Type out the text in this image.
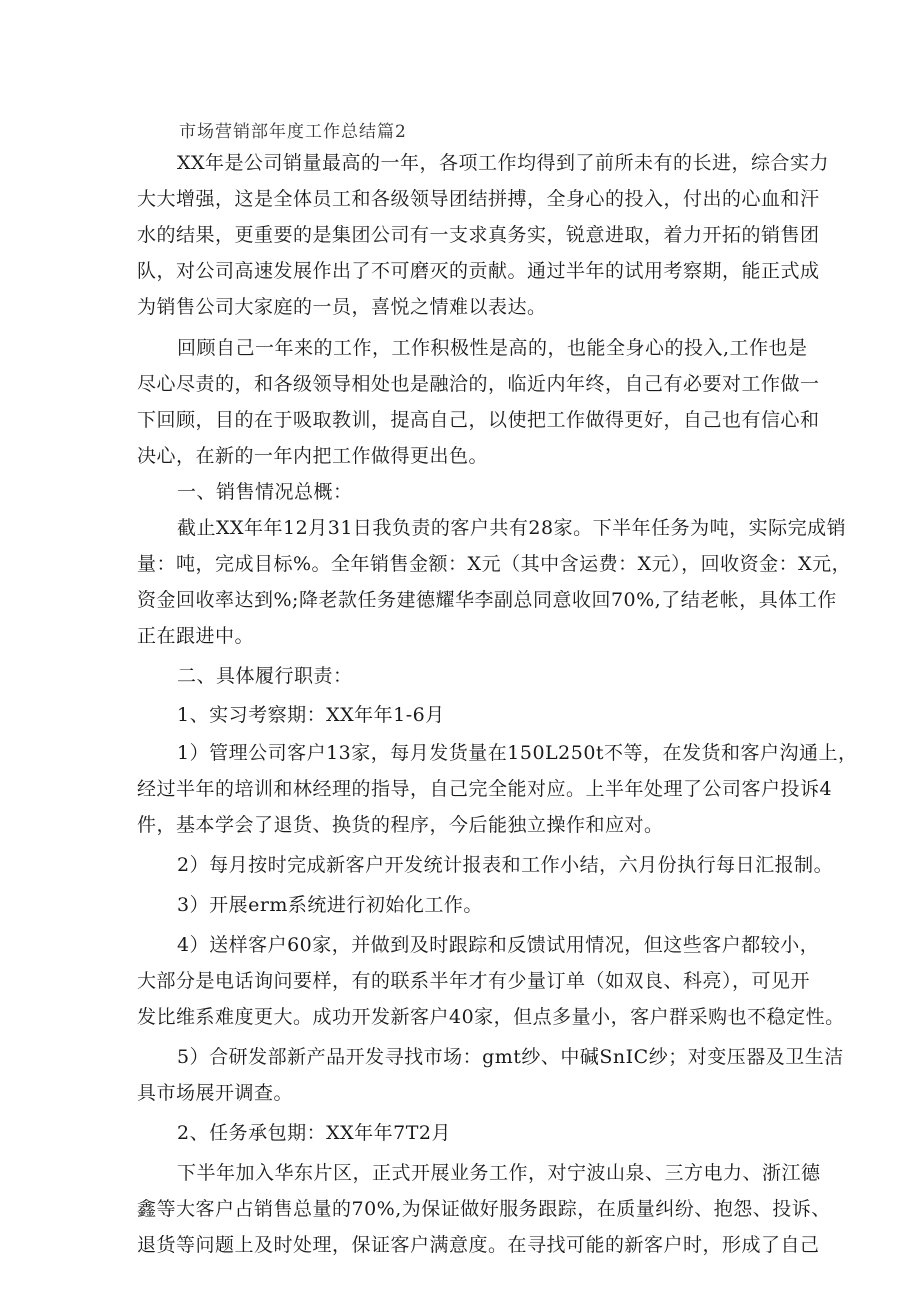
市场营销部年度工作总结篇2
XX年是公司销量最高的一年，各项工作均得到了前所未有的长进，综合实力
大大增强，这是全体员工和各级领导团结拼搏，全身心的投入，付出的心血和汗
水的结果，更重要的是集团公司有一支求真务实，锐意进取，着力开拓的销售团
队，对公司高速发展作出了不可磨灭的贡献。通过半年的试用考察期，能正式成
为销售公司大家庭的一员，喜悦之情难以表达。
回顾自己一年来的工作，工作积极性是高的，也能全身心的投入,工作也是
尽心尽责的，和各级领导相处也是融洽的，临近内年终，自己有必要对工作做一
下回顾，目的在于吸取教训，提高自己，以使把工作做得更好，自己也有信心和
决心，在新的一年内把工作做得更出色。
一、销售情况总概：
截止XX年年12月31日我负责的客户共有28家。下半年任务为吨，实际完成销
量：吨，完成目标%。全年销售金额：X元（其中含运费：X元），回收资金：X元，
资金回收率达到%;降老款任务建德耀华李副总同意收回70%,了结老帐，具体工作
正在跟进中。
二、具体履行职责：
1、实习考察期：XX年年1-6月
1）管理公司客户13家，每月发货量在150L250t不等，在发货和客户沟通上，
经过半年的培训和林经理的指导，自己完全能对应。上半年处理了公司客户投诉4
件，基本学会了退货、换货的程序，今后能独立操作和应对。
2）每月按时完成新客户开发统计报表和工作小结，六月份执行每日汇报制。
3）开展erm系统进行初始化工作。
4）送样客户60家，并做到及时跟踪和反馈试用情况，但这些客户都较小，
大部分是电话询问要样，有的联系半年才有少量订单（如双良、科亮），可见开
发比维系难度更大。成功开发新客户40家，但点多量小，客户群采购也不稳定性。
5）合研发部新产品开发寻找市场：gmt纱、中碱SnIC纱；对变压器及卫生洁
具市场展开调查。
2、任务承包期：XX年年7T2月
下半年加入华东片区，正式开展业务工作，对宁波山泉、三方电力、浙江德
鑫等大客户占销售总量的70%,为保证做好服务跟踪，在质量纠纷、抱怨、投诉、
退货等问题上及时处理，保证客户满意度。在寻找可能的新客户时，形成了自己
